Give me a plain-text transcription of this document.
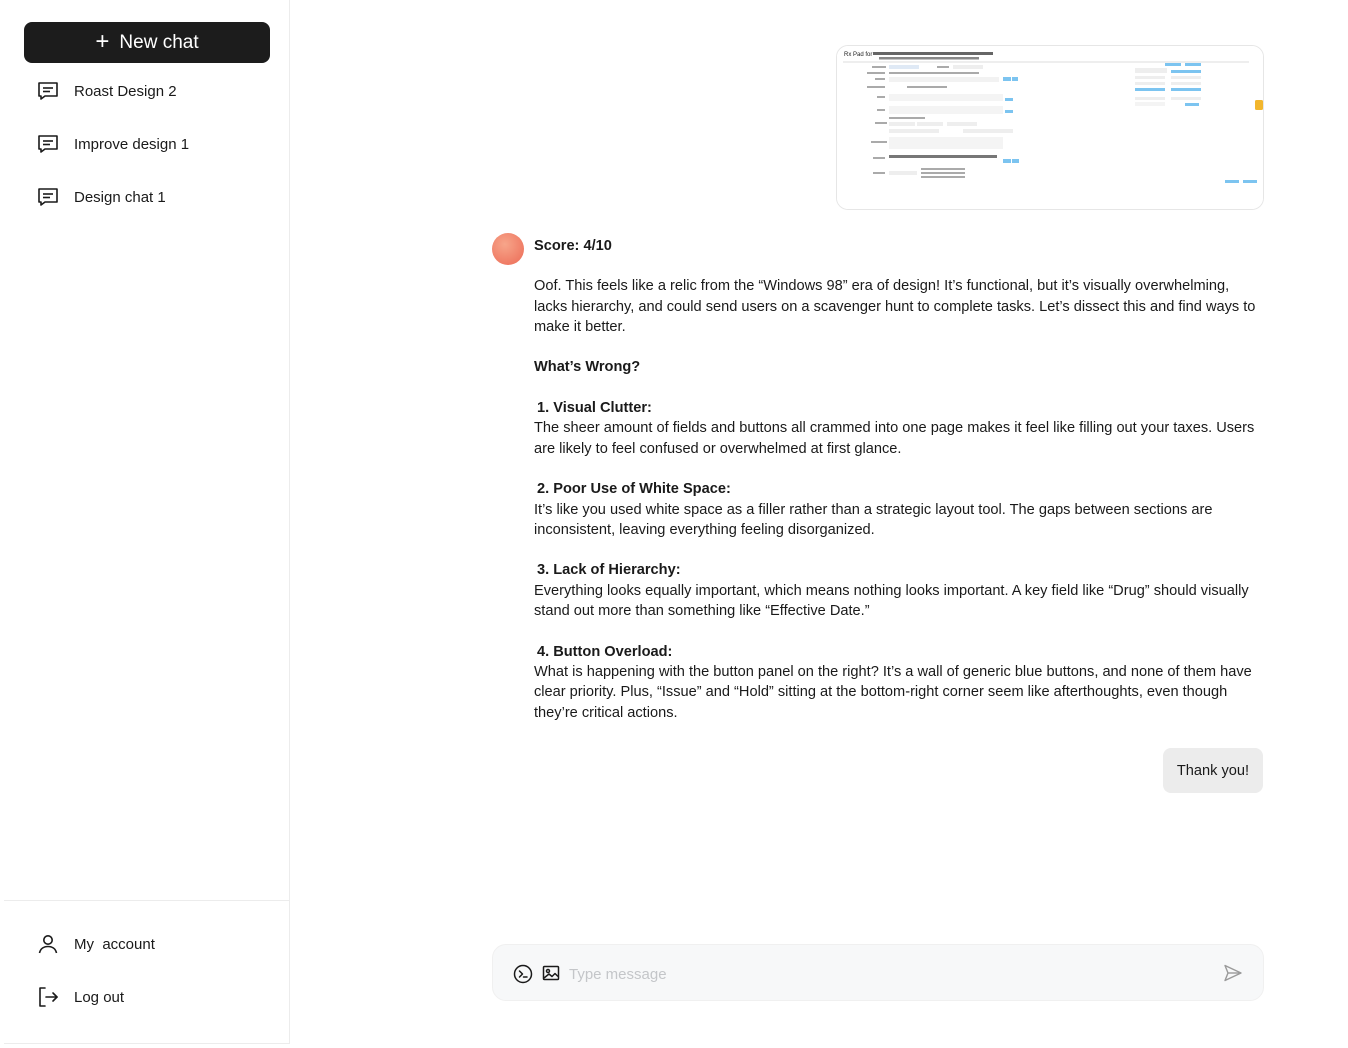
+ New chat
Roast Design 2
Improve design 1
Design chat 1
My  account
Log out
Rx Pad for
Score: 4/10

Oof. This feels like a relic from the “Windows 98” era of design! It’s functional, but it’s visually overwhelming, lacks hierarchy, and could send users on a scavenger hunt to complete tasks. Let’s dissect this and find ways to make it better.

What’s Wrong?

1. Visual Clutter:

The sheer amount of fields and buttons all crammed into one page makes it feel like filling out your taxes. Users are likely to feel confused or overwhelmed at first glance.

2. Poor Use of White Space:

It’s like you used white space as a filler rather than a strategic layout tool. The gaps between sections are inconsistent, leaving everything feeling disorganized.

3. Lack of Hierarchy:

Everything looks equally important, which means nothing looks important. A key field like “Drug” should visually stand out more than something like “Effective Date.”

4. Button Overload:

What is happening with the button panel on the right? It’s a wall of generic blue buttons, and none of them have clear priority. Plus, “Issue” and “Hold” sitting at the bottom-right corner seem like afterthoughts, even though they’re critical actions.

Thank you!
Type message
